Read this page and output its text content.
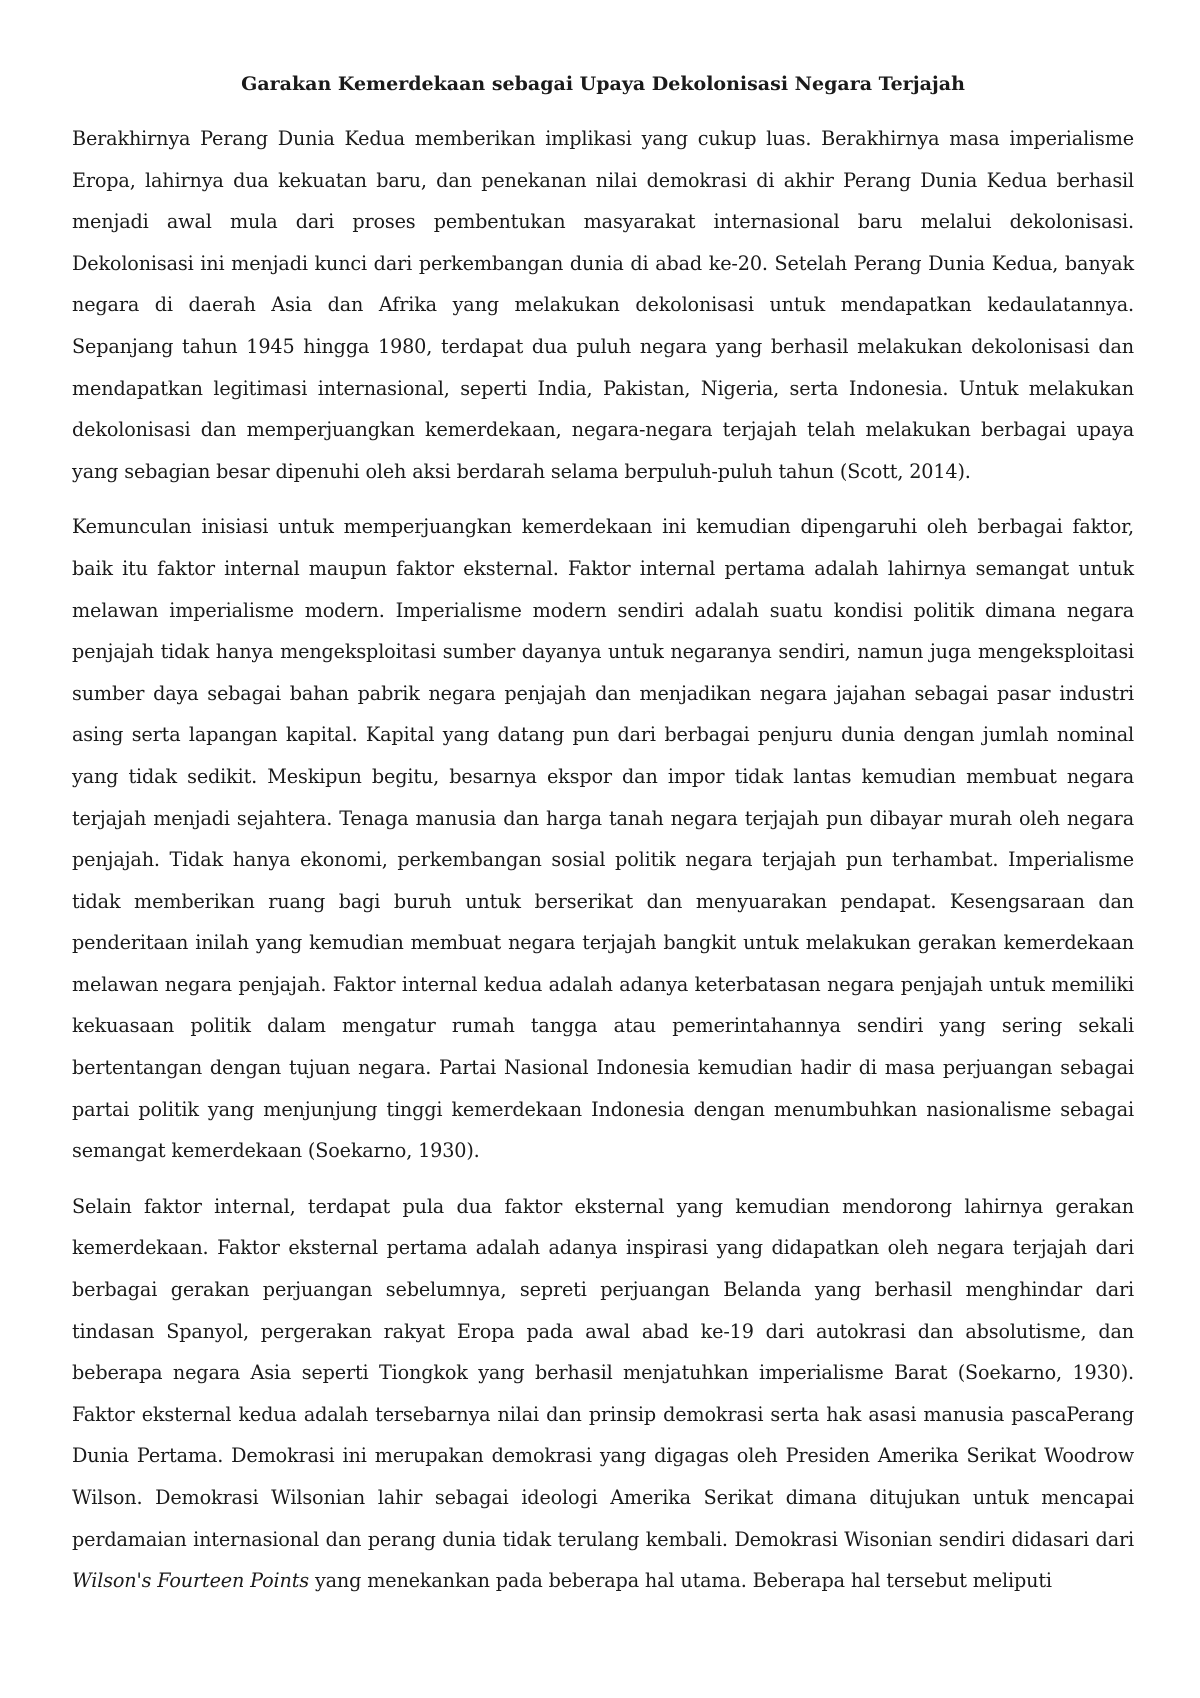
Garakan Kemerdekaan sebagai Upaya Dekolonisasi Negara Terjajah

Berakhirnya Perang Dunia Kedua memberikan implikasi yang cukup luas. Berakhirnya masa imperialisme Eropa, lahirnya dua kekuatan baru, dan penekanan nilai demokrasi di akhir Perang Dunia Kedua berhasil menjadi awal mula dari proses pembentukan masyarakat internasional baru melalui dekolonisasi. Dekolonisasi ini menjadi kunci dari perkembangan dunia di abad ke-20. Setelah Perang Dunia Kedua, banyak negara di daerah Asia dan Afrika yang melakukan dekolonisasi untuk mendapatkan kedaulatannya. Sepanjang tahun 1945 hingga 1980, terdapat dua puluh negara yang berhasil melakukan dekolonisasi dan mendapatkan legitimasi internasional, seperti India, Pakistan, Nigeria, serta Indonesia. Untuk melakukan dekolonisasi dan memperjuangkan kemerdekaan, negara-negara terjajah telah melakukan berbagai upaya yang sebagian besar dipenuhi oleh aksi berdarah selama berpuluh-puluh tahun (Scott, 2014).

Kemunculan inisiasi untuk memperjuangkan kemerdekaan ini kemudian dipengaruhi oleh berbagai faktor, baik itu faktor internal maupun faktor eksternal. Faktor internal pertama adalah lahirnya semangat untuk melawan imperialisme modern. Imperialisme modern sendiri adalah suatu kondisi politik dimana negara penjajah tidak hanya mengeksploitasi sumber dayanya untuk negaranya sendiri, namun juga mengeksploitasi sumber daya sebagai bahan pabrik negara penjajah dan menjadikan negara jajahan sebagai pasar industri asing serta lapangan kapital. Kapital yang datang pun dari berbagai penjuru dunia dengan jumlah nominal yang tidak sedikit. Meskipun begitu, besarnya ekspor dan impor tidak lantas kemudian membuat negara terjajah menjadi sejahtera. Tenaga manusia dan harga tanah negara terjajah pun dibayar murah oleh negara penjajah. Tidak hanya ekonomi, perkembangan sosial politik negara terjajah pun terhambat. Imperialisme tidak memberikan ruang bagi buruh untuk berserikat dan menyuarakan pendapat. Kesengsaraan dan penderitaan inilah yang kemudian membuat negara terjajah bangkit untuk melakukan gerakan kemerdekaan melawan negara penjajah. Faktor internal kedua adalah adanya keterbatasan negara penjajah untuk memiliki kekuasaan politik dalam mengatur rumah tangga atau pemerintahannya sendiri yang sering sekali bertentangan dengan tujuan negara. Partai Nasional Indonesia kemudian hadir di masa perjuangan sebagai partai politik yang menjunjung tinggi kemerdekaan Indonesia dengan menumbuhkan nasionalisme sebagai semangat kemerdekaan (Soekarno, 1930).

Selain faktor internal, terdapat pula dua faktor eksternal yang kemudian mendorong lahirnya gerakan kemerdekaan. Faktor eksternal pertama adalah adanya inspirasi yang didapatkan oleh negara terjajah dari berbagai gerakan perjuangan sebelumnya, sepreti perjuangan Belanda yang berhasil menghindar dari tindasan Spanyol, pergerakan rakyat Eropa pada awal abad ke-19 dari autokrasi dan absolutisme, dan beberapa negara Asia seperti Tiongkok yang berhasil menjatuhkan imperialisme Barat (Soekarno, 1930). Faktor eksternal kedua adalah tersebarnya nilai dan prinsip demokrasi serta hak asasi manusia pascaPerang Dunia Pertama. Demokrasi ini merupakan demokrasi yang digagas oleh Presiden Amerika Serikat Woodrow Wilson. Demokrasi Wilsonian lahir sebagai ideologi Amerika Serikat dimana ditujukan untuk mencapai perdamaian internasional dan perang dunia tidak terulang kembali. Demokrasi Wisonian sendiri didasari dari Wilson's Fourteen Points yang menekankan pada beberapa hal utama. Beberapa hal tersebut meliputi
